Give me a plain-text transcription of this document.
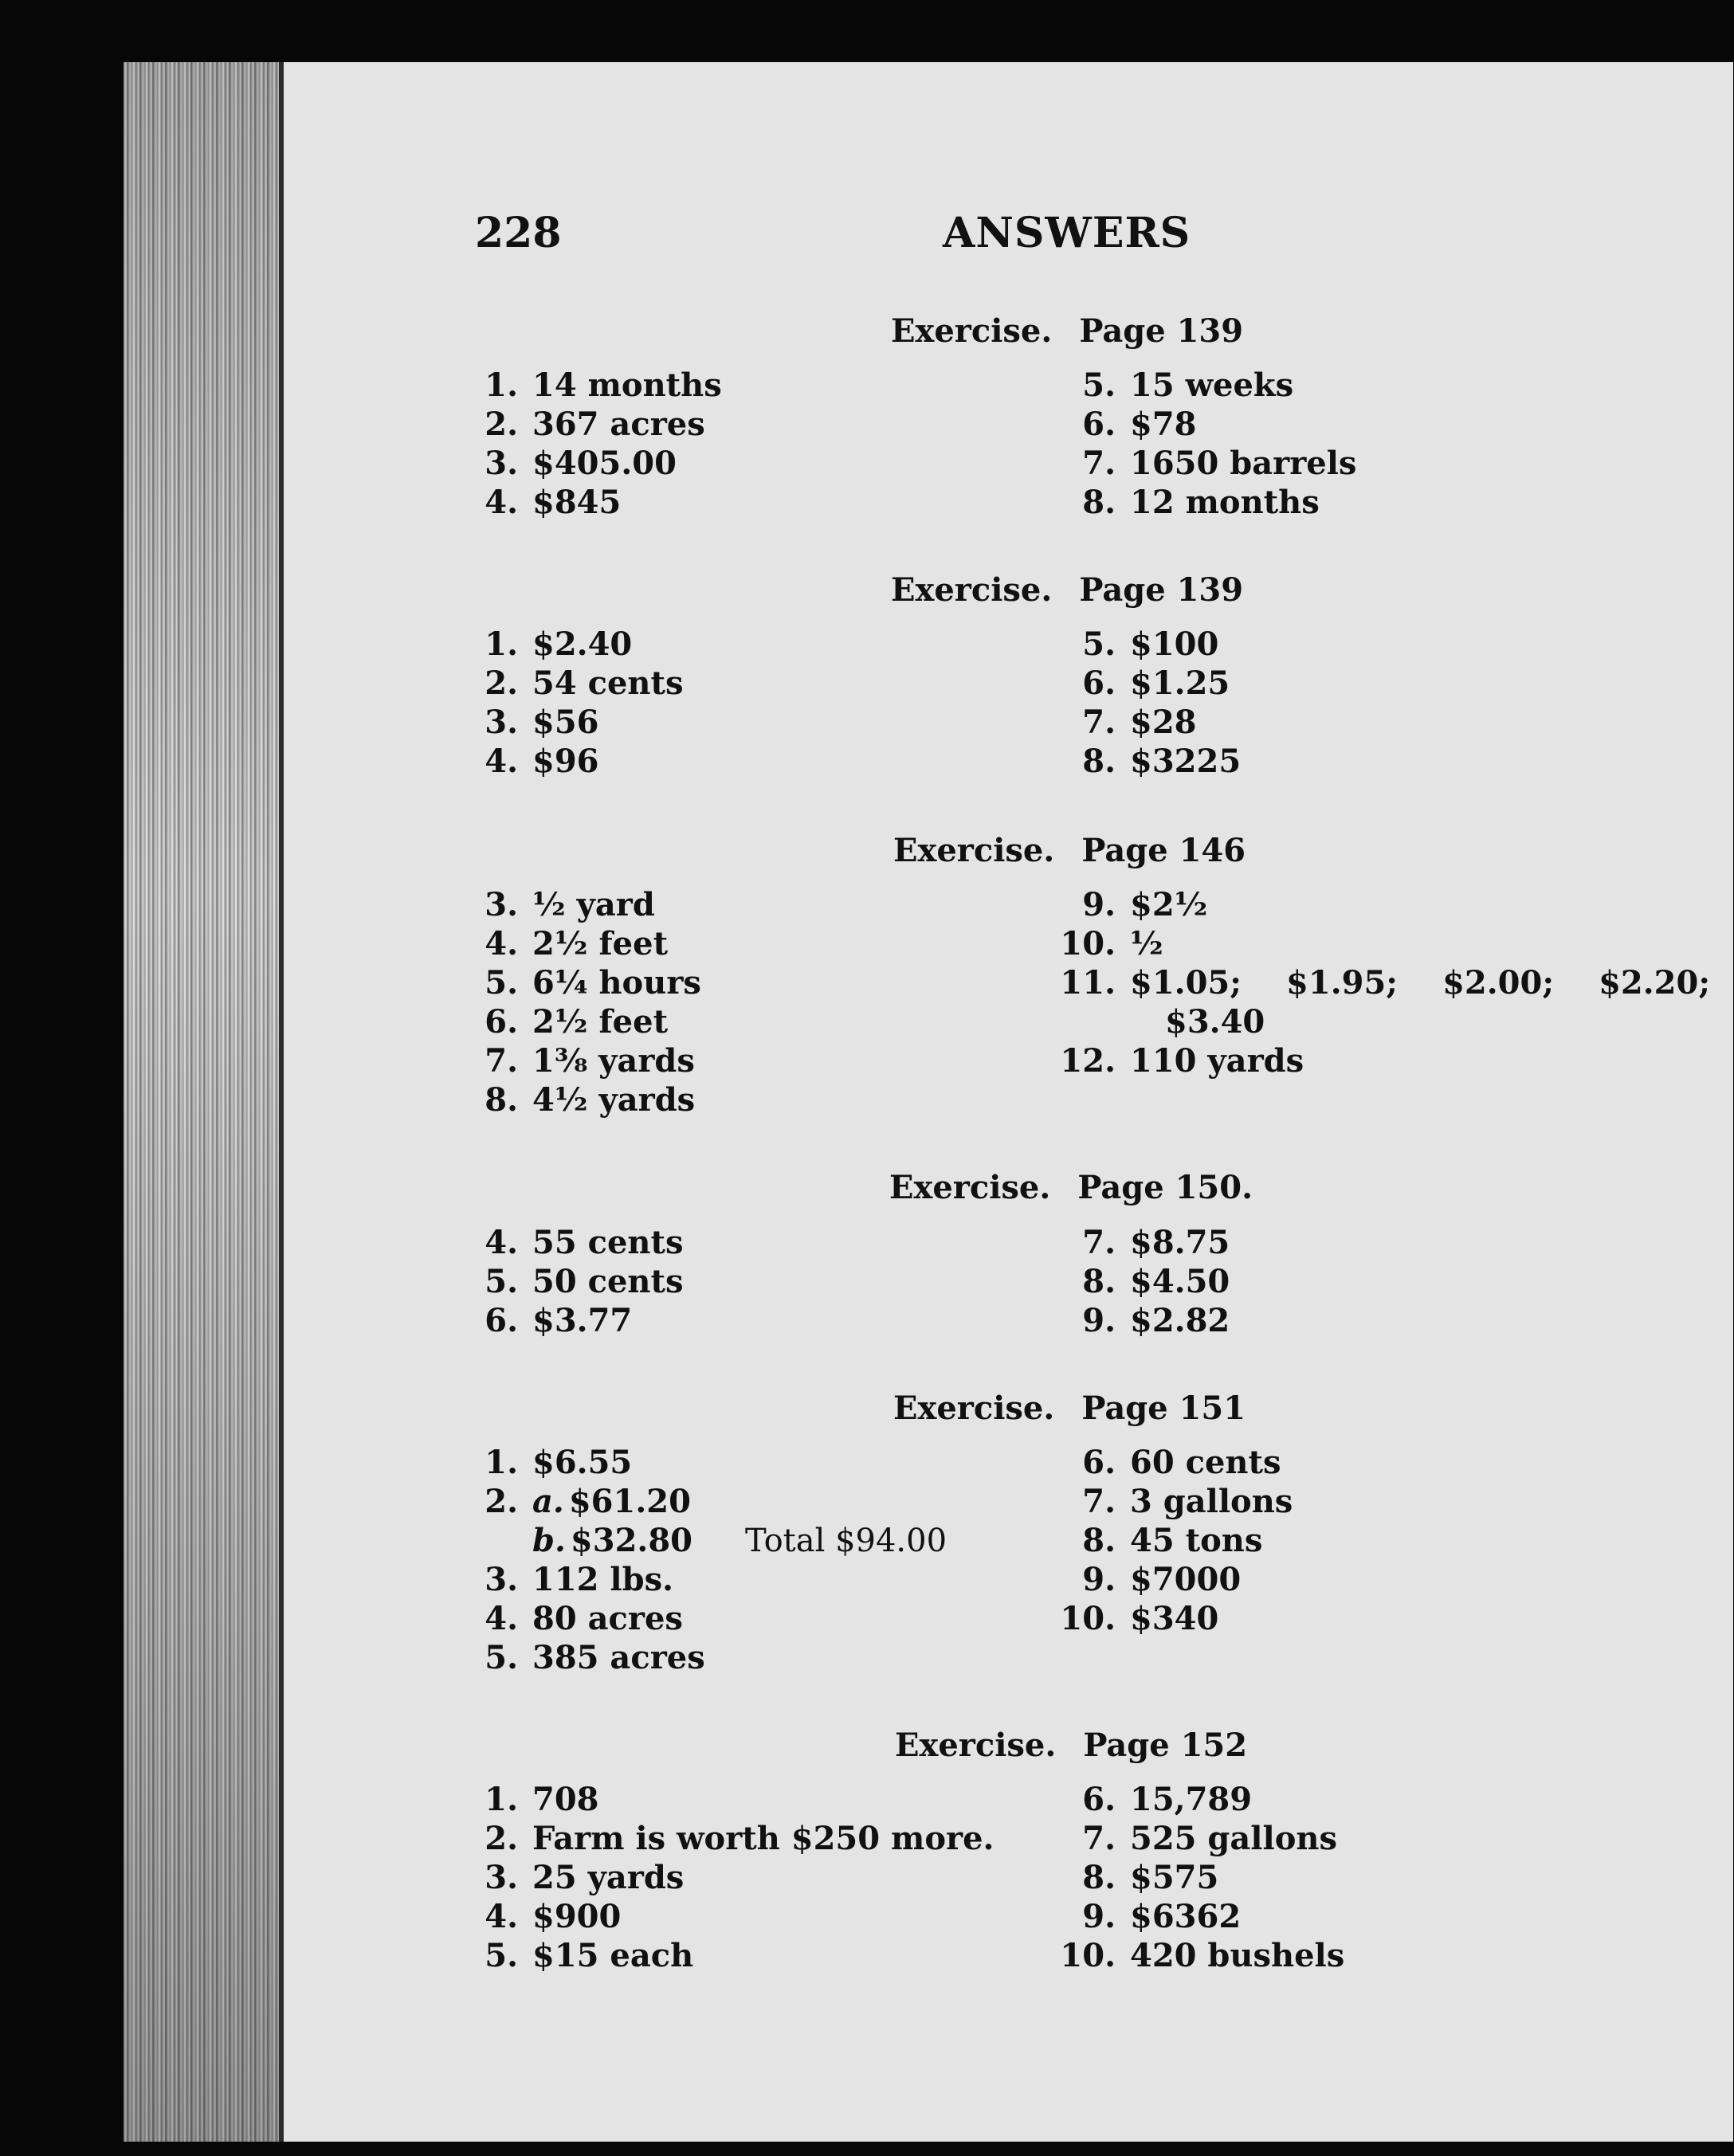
228	ANSWERS
Exercise. Page 139
1. 14 months
2. 367 acres
3. $405.00
4. $845
5. 15 weeks
6. $78
7. 1650 barrels
8. 12 months
Exercise. Page 139
1. $2.40
2. 54 cents
3. $56
4. $96
5. $100
6. $1.25
7. $28
8. $3225
Exercise. Page 146
3. ½ yard
4. 2½ feet
5. 6¼ hours
6. 2½ feet
7. 1⅜ yards
8. 4½ yards
9. $2½
10. ½
11. $1.05; $1.95; $2.00; $2.20;
$3.40
12. 110 yards
Exercise. Page 150.
4. 55 cents
5. 50 cents
6. $3.77
7. $8.75
8. $4.50
9. $2.82
Exercise. Page 151
1. $6.55
2. a. $61.20
b. $32.80 Total $94.00
3. 112 lbs.
4. 80 acres
5. 385 acres
6. 60 cents
7. 3 gallons
8. 45 tons
9. $7000
10. $340
Exercise. Page 152
1. 708
2. Farm is worth $250 more.
3. 25 yards
4. $900
5. $15 each
6. 15,789
7. 525 gallons
8. $575
9. $6362
10. 420 bushels
